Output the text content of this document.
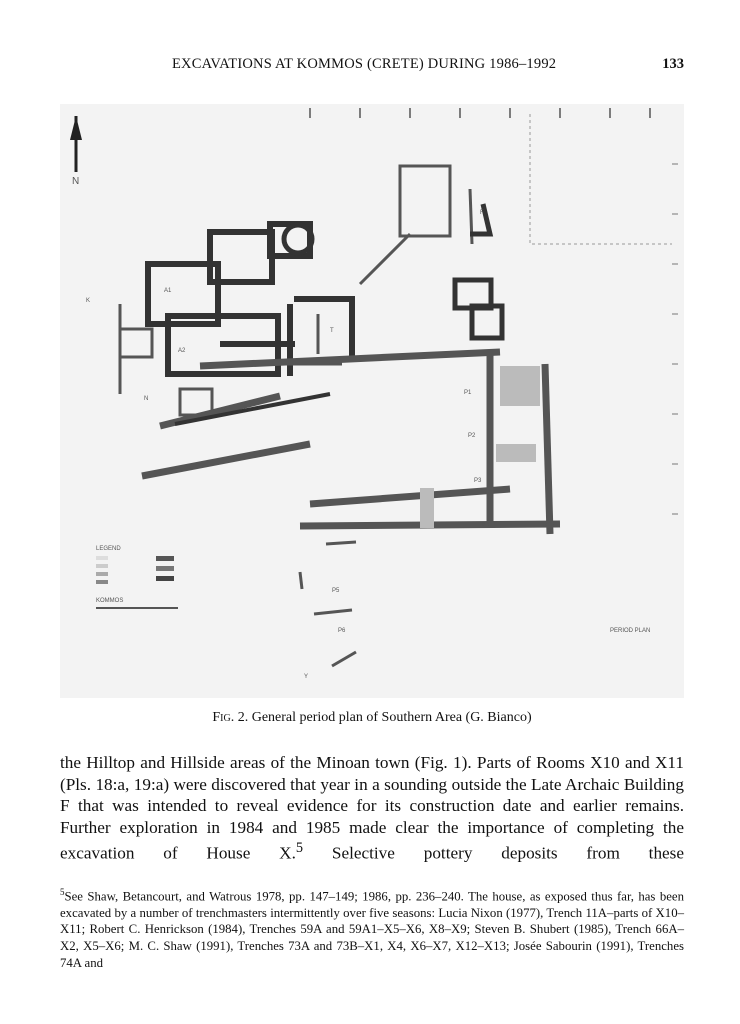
EXCAVATIONS AT KOMMOS (CRETE) DURING 1986–1992	133
N
LEGEND
KOMMOS
A1
A2
K
N
O
P1
P2
P3
P4
P5
P6
F
T
Y
PERIOD PLAN
Fig. 2. General period plan of Southern Area (G. Bianco)
the Hilltop and Hillside areas of the Minoan town (Fig. 1). Parts of Rooms X10 and X11 (Pls. 18:a, 19:a) were discovered that year in a sounding outside the Late Archaic Building F that was intended to reveal evidence for its construction date and earlier remains. Further exploration in 1984 and 1985 made clear the importance of completing the excavation of House X.$^5$ Selective pottery deposits from these
$^5$See Shaw, Betancourt, and Watrous 1978, pp. 147–149; 1986, pp. 236–240. The house, as exposed thus far, has been excavated by a number of trenchmasters intermittently over five seasons: Lucia Nixon (1977), Trench 11A–parts of X10–X11; Robert C. Henrickson (1984), Trenches 59A and 59A1–X5–X6, X8–X9; Steven B. Shubert (1985), Trench 66A–X2, X5–X6; M. C. Shaw (1991), Trenches 73A and 73B–X1, X4, X6–X7, X12–X13; Josée Sabourin (1991), Trenches 74A and
